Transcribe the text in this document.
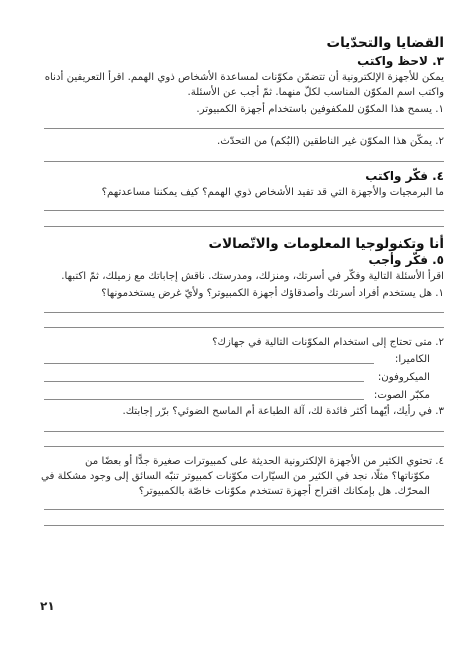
القضايا والتحدّيات
٣. لاحظ واكتب
يمكن للأجهزة الإلكترونية أن تتضمّن مكوّنات لمساعدة الأشخاص ذوي الهمم. اقرأ التعريفين أدناه
واكتب اسم المكوّن المناسب لكلّ منهما. ثمّ أجب عن الأسئلة.
١. يسمح هذا المكوّن للمكفوفين باستخدام أجهزة الكمبيوتر.
٢. يمكّن هذا المكوّن غير الناطقين (البُكم) من التحدّث.
٤. فكّر واكتب
ما البرمجيات والأجهزة التي قد تفيد الأشخاص ذوي الهمم؟ كيف يمكننا مساعدتهم؟
أنا وتكنولوجيا المعلومات والاتّصالات
٥. فكّر وأجب
اقرأ الأسئلة التالية وفكّر في أسرتك، ومنزلك، ومدرستك. ناقش إجاباتك مع زميلك، ثمّ اكتبها.
١. هل يستخدم أفراد أسرتك وأصدقاؤك أجهزة الكمبيوتر؟ ولأيّ غرض يستخدمونها؟
٢. متى تحتاج إلى استخدام المكوّنات التالية في جهازك؟
الكاميرا:
الميكروفون:
مكبّر الصوت:
٣. في رأيك، أيّهما أكثر فائدة لك، آلة الطباعة أم الماسح الضوئي؟ برّر إجابتك.
٤. تحتوي الكثير من الأجهزة الإلكترونية الحديثة على كمبيوترات صغيرة جدًّا أو بعضًا من
مكوّناتها؟ مثلًا، نجد في الكثير من السيّارات مكوّنات كمبيوتر تنبّه السائق إلى وجود مشكلة في
المحرّك. هل بإمكانك اقتراح أجهزة تستخدم مكوّنات خاصّة بالكمبيوتر؟
٢١
